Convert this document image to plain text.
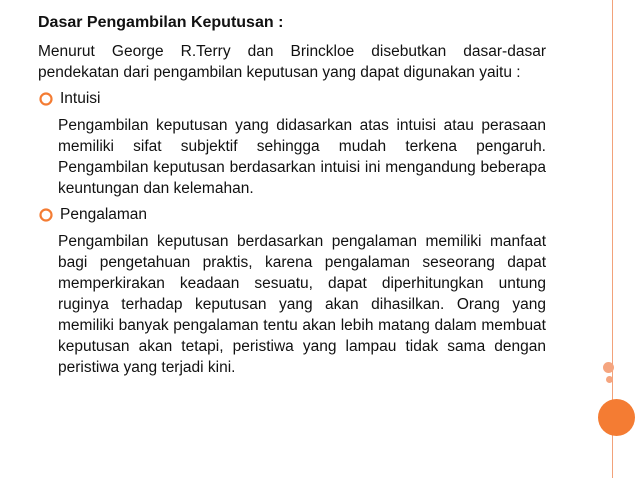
Dasar Pengambilan Keputusan :
Menurut George R.Terry dan Brinckloe disebutkan dasar-dasar pendekatan dari pengambilan keputusan yang dapat digunakan yaitu :
Intuisi
Pengambilan keputusan yang didasarkan atas intuisi atau perasaan memiliki sifat subjektif sehingga mudah terkena pengaruh. Pengambilan keputusan berdasarkan intuisi ini mengandung beberapa keuntungan dan kelemahan.
Pengalaman
Pengambilan keputusan berdasarkan pengalaman memiliki manfaat bagi pengetahuan praktis, karena pengalaman seseorang dapat memperkirakan keadaan sesuatu, dapat diperhitungkan untung ruginya terhadap keputusan yang akan dihasilkan. Orang yang memiliki banyak pengalaman tentu akan lebih matang dalam membuat keputusan akan tetapi, peristiwa yang lampau tidak sama dengan peristiwa yang terjadi kini.
